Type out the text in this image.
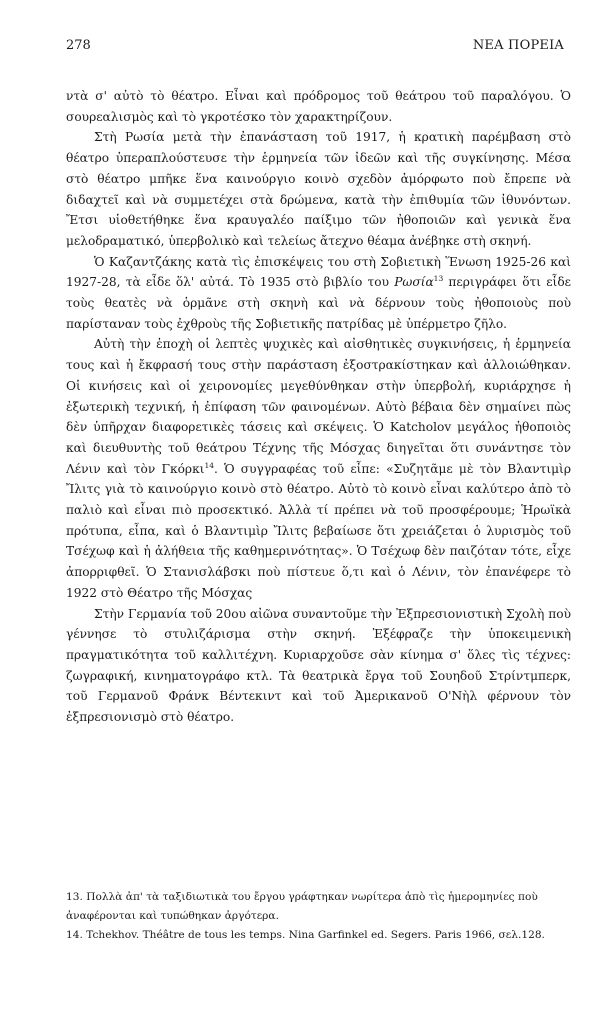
278	ΝΕΑ ΠΟΡΕΙΑ

ντὰ σ' αὐτὸ τὸ θέατρο. Εἶναι καὶ πρόδρομος τοῦ θεάτρου τοῦ παραλόγου. Ὁ σουρεαλισμὸς καὶ τὸ γκροτέσκο τὸν χαρακτηρίζουν.

Στὴ Ρωσία μετὰ τὴν ἐπανάσταση τοῦ 1917, ἡ κρατικὴ παρέμβαση στὸ θέατρο ὑπεραπλούστευσε τὴν ἑρμηνεία τῶν ἰδεῶν καὶ τῆς συγκίνησης. Μέσα στὸ θέατρο μπῆκε ἕνα καινούργιο κοινὸ σχεδὸν ἀμόρφωτο ποὺ ἔπρεπε νὰ διδαχτεῖ καὶ νὰ συμμετέχει στὰ δρώμενα, κατὰ τὴν ἐπιθυμία τῶν ἰθυνόντων. Ἔτσι υἱοθετήθηκε ἕνα κραυγαλέο παίξιμο τῶν ἠθοποιῶν καὶ γενικὰ ἕνα μελοδραματικό, ὑπερβολικὸ καὶ τελείως ἄτεχνο θέαμα ἀνέβηκε στὴ σκηνή.

Ὁ Καζαντζάκης κατὰ τὶς ἐπισκέψεις του στὴ Σοβιετικὴ Ἕνωση 1925-26 καὶ 1927-28, τὰ εἶδε ὅλ' αὐτά. Τὸ 1935 στὸ βιβλίο του Ρωσία$^{13}$ περιγράφει ὅτι εἶδε τοὺς θεατὲς νὰ ὁρμᾶνε στὴ σκηνὴ καὶ νὰ δέρνουν τοὺς ἠθοποιοὺς ποὺ παρίσταναν τοὺς ἐχθροὺς τῆς Σοβιετικῆς πατρίδας μὲ ὑπέρμετρο ζῆλο.

Αὐτὴ τὴν ἐποχὴ οἱ λεπτὲς ψυχικὲς καὶ αἰσθητικὲς συγκινήσεις, ἡ ἑρμηνεία τους καὶ ἡ ἔκφρασή τους στὴν παράσταση ἐξοστρακίστηκαν καὶ ἀλλοιώθηκαν. Οἱ κινήσεις καὶ οἱ χειρονομίες μεγεθύνθηκαν στὴν ὑπερβολή, κυριάρχησε ἡ ἐξωτερικὴ τεχνική, ἡ ἐπίφαση τῶν φαινομένων. Αὐτὸ βέβαια δὲν σημαίνει πὼς δὲν ὑπῆρχαν διαφορετικὲς τάσεις καὶ σκέψεις. Ὁ Katcholov μεγάλος ἠθοποιὸς καὶ διευθυντὴς τοῦ θεάτρου Τέχνης τῆς Μόσχας διηγεῖται ὅτι συνάντησε τὸν Λένιν καὶ τὸν Γκόρκι$^{14}$. Ὁ συγγραφέας τοῦ εἶπε: «Συζητᾶμε μὲ τὸν Βλαντιμὶρ Ἴλιτς γιὰ τὸ καινούργιο κοινὸ στὸ θέατρο. Αὐτὸ τὸ κοινὸ εἶναι καλύτερο ἀπὸ τὸ παλιὸ καὶ εἶναι πιὸ προσεκτικό. Ἀλλὰ τί πρέπει νὰ τοῦ προσφέρουμε; Ἡρωϊκὰ πρότυπα, εἶπα, καὶ ὁ Βλαντιμὶρ Ἴλιτς βεβαίωσε ὅτι χρειάζεται ὁ λυρισμὸς τοῦ Τσέχωφ καὶ ἡ ἀλήθεια τῆς καθημερινότητας». Ὁ Τσέχωφ δὲν παιζόταν τότε, εἶχε ἀπορριφθεῖ. Ὁ Στανισλάβσκι ποὺ πίστευε ὅ,τι καὶ ὁ Λένιν, τὸν ἐπανέφερε τὸ 1922 στὸ Θέατρο τῆς Μόσχας

Στὴν Γερμανία τοῦ 20ου αἰῶνα συναντοῦμε τὴν Ἐξπρεσιονιστικὴ Σχολὴ ποὺ γέννησε τὸ στυλιζάρισμα στὴν σκηνή. Ἐξέφραζε τὴν ὑποκειμενικὴ πραγματικότητα τοῦ καλλιτέχνη. Κυριαρχοῦσε σὰν κίνημα σ' ὅλες τὶς τέχνες: ζωγραφική, κινηματογράφο κτλ. Τὰ θεατρικὰ ἔργα τοῦ Σουηδοῦ Στρίντμπερκ, τοῦ Γερμανοῦ Φράνκ Βέντεκιντ καὶ τοῦ Ἀμερικανοῦ Ο'Νὴλ φέρνουν τὸν ἐξπρεσιονισμὸ στὸ θέατρο.

13. Πολλὰ ἀπ' τὰ ταξιδιωτικὰ του ἔργου γράφτηκαν νωρίτερα ἀπὸ τὶς ἡμερομηνίες ποὺ ἀναφέρονται καὶ τυπώθηκαν ἀργότερα.
14. Tchekhov. Théâtre de tous les temps. Nina Garfinkel ed. Segers. Paris 1966, σελ.128.
